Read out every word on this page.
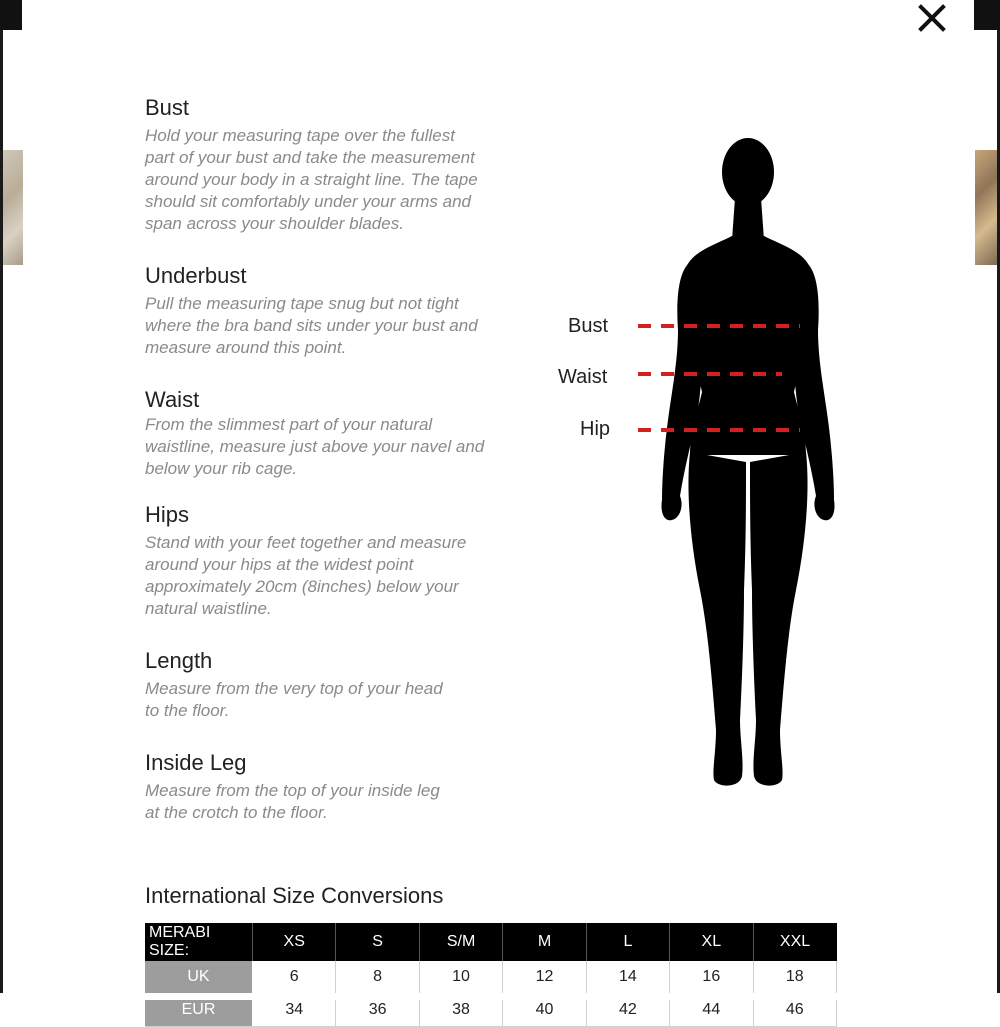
Bust
Hold your measuring tape over the fullest
part of your bust and take the measurement
around your body in a straight line. The tape
should sit comfortably under your arms and
span across your shoulder blades.
Underbust
Pull the measuring tape snug but not tight
where the bra band sits under your bust and
measure around this point.
Waist
From the slimmest part of your natural
waistline, measure just above your navel and
below your rib cage.
Hips
Stand with your feet together and measure
around your hips at the widest point
approximately 20cm (8inches) below your
natural waistline.
Length
Measure from the very top of your head
to the floor.
Inside Leg
Measure from the top of your inside leg
at the crotch to the floor.
Bust
Waist
Hip
International Size Conversions
MERABI SIZE:	XS	S	S/M	M	L	XL	XXL
UK	6	8	10	12	14	16	18
EUR	34	36	38	40	42	44	46
